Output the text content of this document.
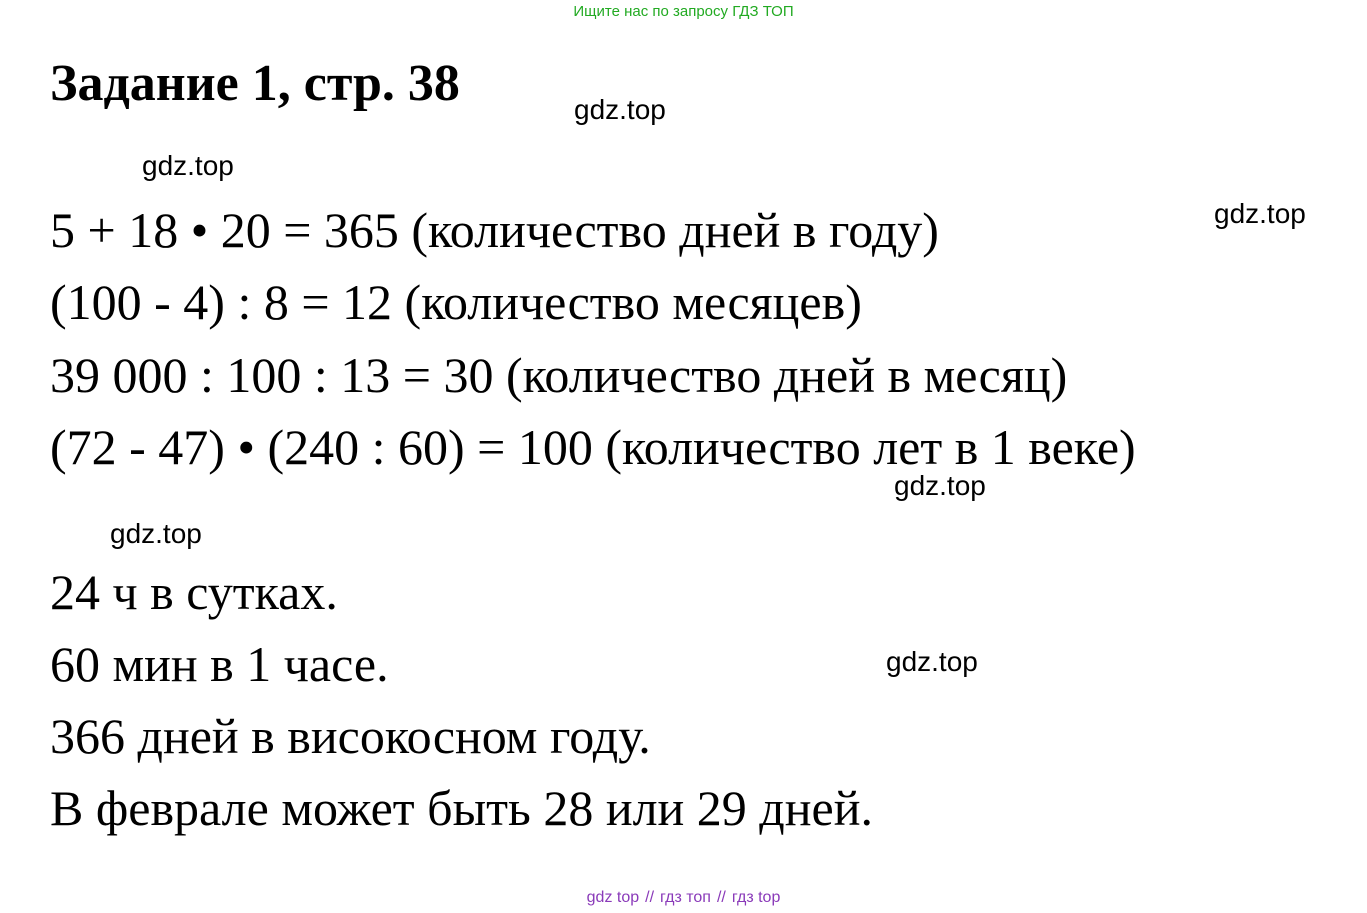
Ищите нас по запросу ГДЗ ТОП
Задание 1, стр. 38	gdz.top
gdz.top
gdz.top
5 + 18 • 20 = 365 (количество дней в году)
(100 - 4) : 8 = 12 (количество месяцев)
39 000 : 100 : 13 = 30 (количество дней в месяц)
(72 - 47) • (240 : 60) = 100 (количество лет в 1 веке)
gdz.top
gdz.top
24 ч в сутках.
60 мин в 1 часе.	gdz.top
366 дней в високосном году.
В феврале может быть 28 или 29 дней.
gdz top // гдз топ // гдз top
